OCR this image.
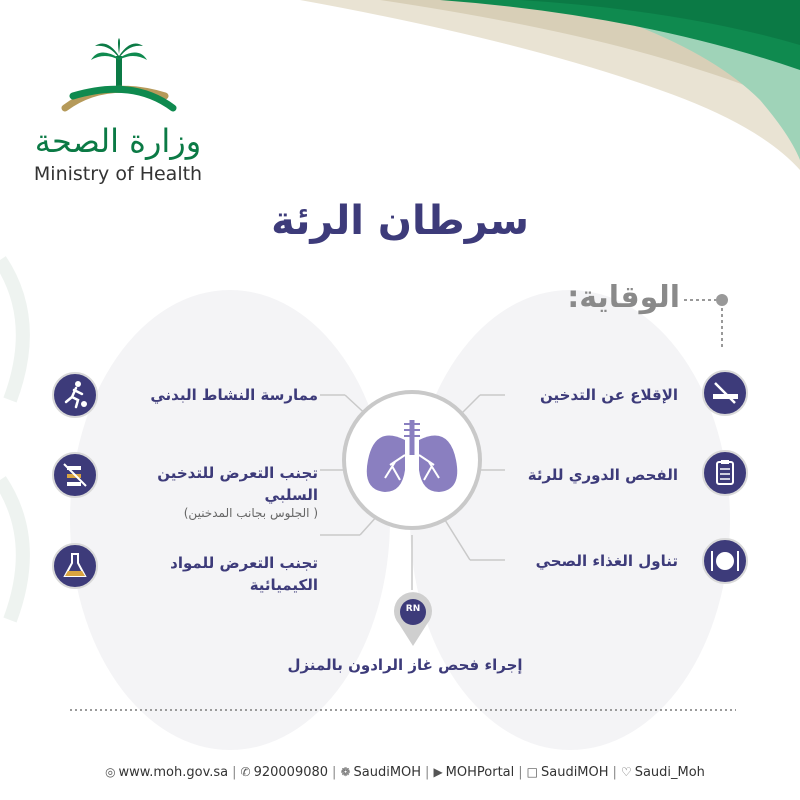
وزارة الصحة
Ministry of Health
سرطان الرئة
الوقاية:
الإقلاع عن التدخين
الفحص الدوري للرئة
تناول الغذاء الصحي
ممارسة النشاط البدني
تجنب التعرض للتدخين
السلبي
( الجلوس بجانب المدخنين)
تجنب التعرض للمواد
الكيميائية
RN
إجراء فحص غاز الرادون بالمنزل
◎ www.moh.gov.sa | ✆ 920009080 | ❁ SaudiMOH | ▶ MOHPortal | □ SaudiMOH | ♡ Saudi_Moh
